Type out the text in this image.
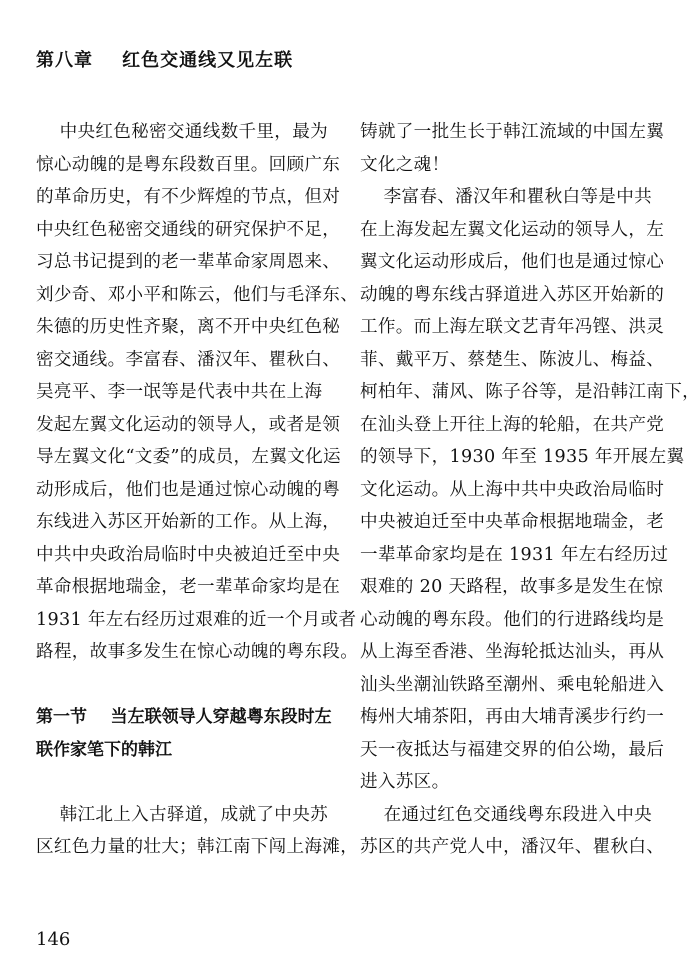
第八章    红色交通线又见左联
中央红色秘密交通线数千里，最为
惊心动魄的是粤东段数百里。回顾广东
的革命历史，有不少辉煌的节点，但对
中央红色秘密交通线的研究保护不足，
习总书记提到的老一辈革命家周恩来、
刘少奇、邓小平和陈云，他们与毛泽东、
朱德的历史性齐聚，离不开中央红色秘
密交通线。李富春、潘汉年、瞿秋白、
吴亮平、李一氓等是代表中共在上海
发起左翼文化运动的领导人，或者是领
导左翼文化“文委”的成员，左翼文化运
动形成后，他们也是通过惊心动魄的粤
东线进入苏区开始新的工作。从上海，
中共中央政治局临时中央被迫迁至中央
革命根据地瑞金，老一辈革命家均是在
1931 年左右经历过艰难的近一个月或者
路程，故事多发生在惊心动魄的粤东段。
第一节    当左联领导人穿越粤东段时左
联作家笔下的韩江
韩江北上入古驿道，成就了中央苏
区红色力量的壮大；韩江南下闯上海滩，
铸就了一批生长于韩江流域的中国左翼
文化之魂！
李富春、潘汉年和瞿秋白等是中共
在上海发起左翼文化运动的领导人，左
翼文化运动形成后，他们也是通过惊心
动魄的粤东线古驿道进入苏区开始新的
工作。而上海左联文艺青年冯铿、洪灵
菲、戴平万、蔡楚生、陈波儿、梅益、
柯柏年、蒲风、陈子谷等，是沿韩江南下，
在汕头登上开往上海的轮船，在共产党
的领导下，1930 年至 1935 年开展左翼
文化运动。从上海中共中央政治局临时
中央被迫迁至中央革命根据地瑞金，老
一辈革命家均是在 1931 年左右经历过
艰难的 20 天路程，故事多是发生在惊
心动魄的粤东段。他们的行进路线均是
从上海至香港、坐海轮抵达汕头，再从
汕头坐潮汕铁路至潮州、乘电轮船进入
梅州大埔茶阳，再由大埔青溪步行约一
天一夜抵达与福建交界的伯公坳，最后
进入苏区。
在通过红色交通线粤东段进入中央
苏区的共产党人中，潘汉年、瞿秋白、
146
